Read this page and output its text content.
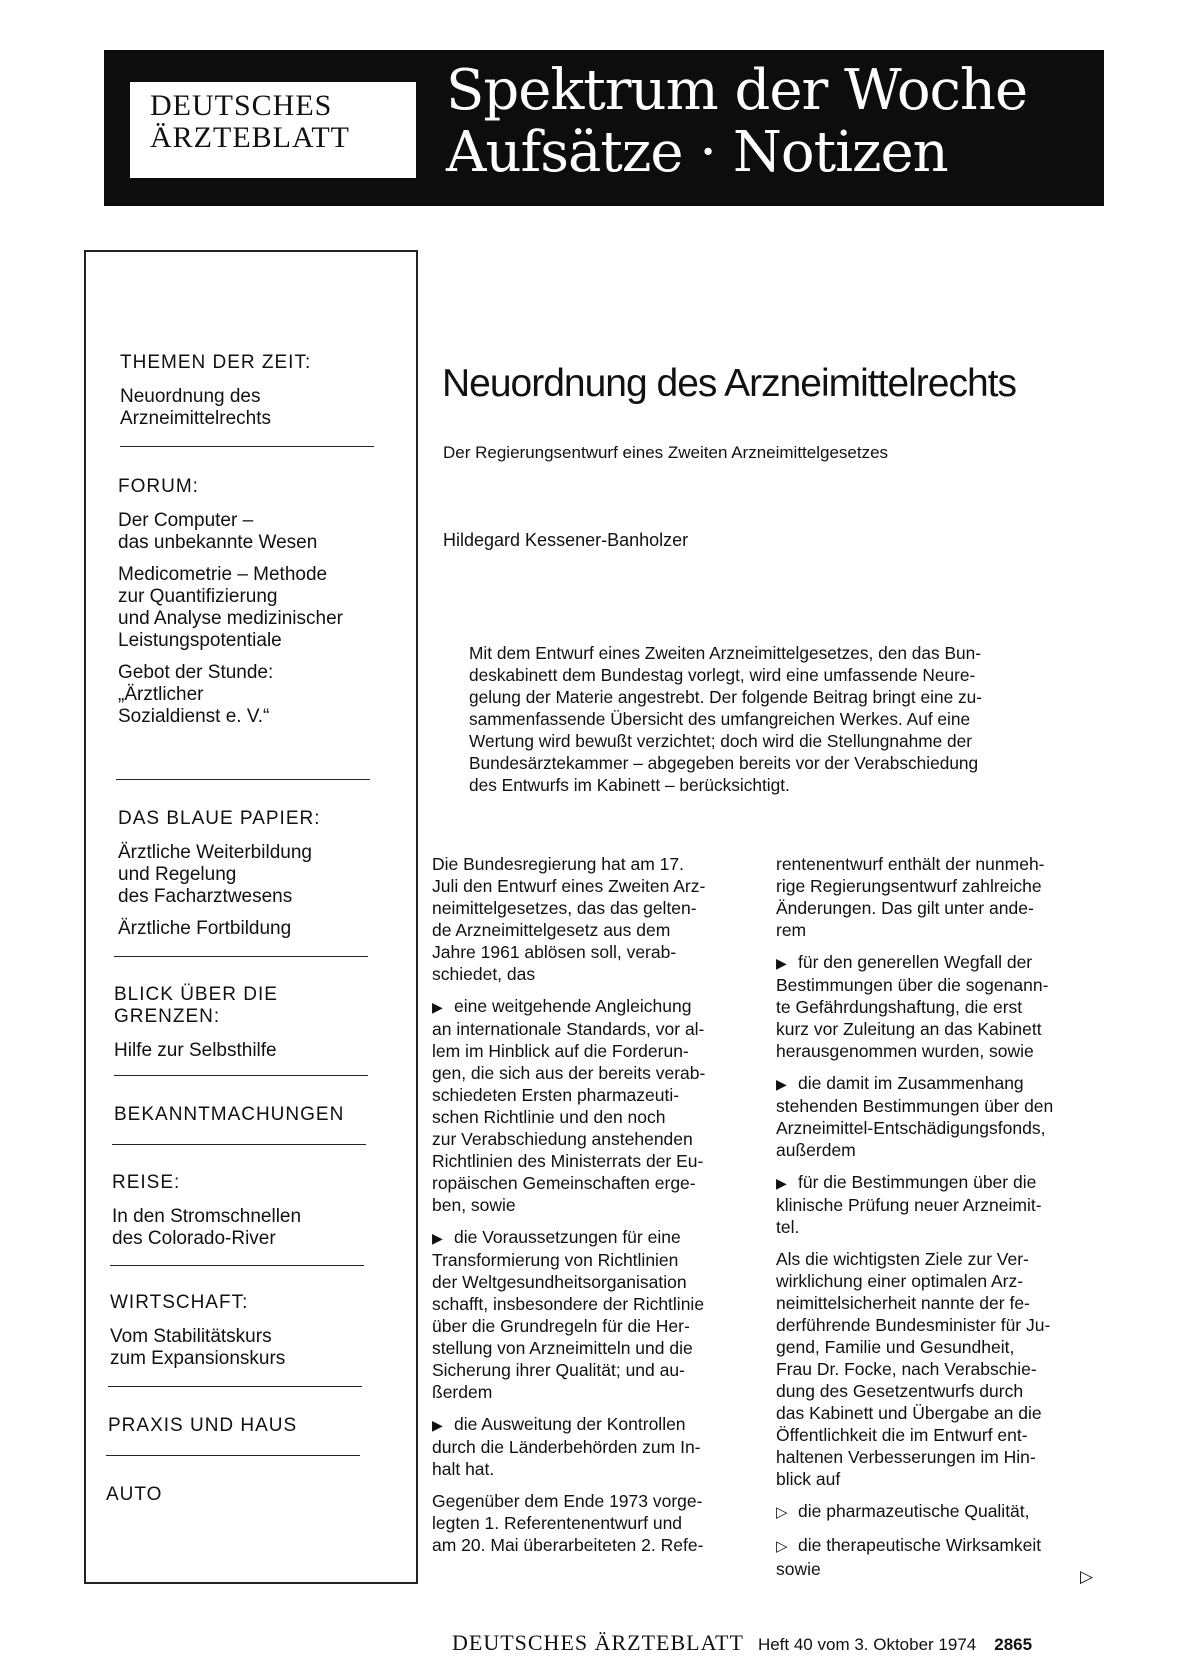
DEUTSCHES
ÄRZTEBLATT
Spektrum der Woche
Aufsätze · Notizen
THEMEN DER ZEIT:
Neuordnung des
Arzneimittelrechts
FORUM:
Der Computer –
das unbekannte Wesen
Medicometrie – Methode
zur Quantifizierung
und Analyse medizinischer
Leistungspotentiale
Gebot der Stunde:
„Ärztlicher
Sozialdienst e. V.“
DAS BLAUE PAPIER:
Ärztliche Weiterbildung
und Regelung
des Facharztwesens
Ärztliche Fortbildung
BLICK ÜBER DIE
GRENZEN:
Hilfe zur Selbsthilfe
BEKANNTMACHUNGEN
REISE:
In den Stromschnellen
des Colorado-River
WIRTSCHAFT:
Vom Stabilitätskurs
zum Expansionskurs
PRAXIS UND HAUS
AUTO
Neuordnung des Arzneimittelrechts
Der Regierungsentwurf eines Zweiten Arzneimittelgesetzes
Hildegard Kessener-Banholzer
Mit dem Entwurf eines Zweiten Arzneimittelgesetzes, den das Bun-
deskabinett dem Bundestag vorlegt, wird eine umfassende Neure-
gelung der Materie angestrebt. Der folgende Beitrag bringt eine zu-
sammenfassende Übersicht des umfangreichen Werkes. Auf eine
Wertung wird bewußt verzichtet; doch wird die Stellungnahme der
Bundesärztekammer – abgegeben bereits vor der Verabschiedung
des Entwurfs im Kabinett – berücksichtigt.
Die Bundesregierung hat am 17.
Juli den Entwurf eines Zweiten Arz-
neimittelgesetzes, das das gelten-
de Arzneimittelgesetz aus dem
Jahre 1961 ablösen soll, verab-
schiedet, das
▶ eine weitgehende Angleichung
an internationale Standards, vor al-
lem im Hinblick auf die Forderun-
gen, die sich aus der bereits verab-
schiedeten Ersten pharmazeuti-
schen Richtlinie und den noch
zur Verabschiedung anstehenden
Richtlinien des Ministerrats der Eu-
ropäischen Gemeinschaften erge-
ben, sowie
▶ die Voraussetzungen für eine
Transformierung von Richtlinien
der Weltgesundheitsorganisation
schafft, insbesondere der Richtlinie
über die Grundregeln für die Her-
stellung von Arzneimitteln und die
Sicherung ihrer Qualität; und au-
ßerdem
▶ die Ausweitung der Kontrollen
durch die Länderbehörden zum In-
halt hat.
Gegenüber dem Ende 1973 vorge-
legten 1. Referentenentwurf und
am 20. Mai überarbeiteten 2. Refe-
rentenentwurf enthält der nunmeh-
rige Regierungsentwurf zahlreiche
Änderungen. Das gilt unter ande-
rem
▶ für den generellen Wegfall der
Bestimmungen über die sogenann-
te Gefährdungshaftung, die erst
kurz vor Zuleitung an das Kabinett
herausgenommen wurden, sowie
▶ die damit im Zusammenhang
stehenden Bestimmungen über den
Arzneimittel-Entschädigungsfonds,
außerdem
▶ für die Bestimmungen über die
klinische Prüfung neuer Arzneimit-
tel.
Als die wichtigsten Ziele zur Ver-
wirklichung einer optimalen Arz-
neimittelsicherheit nannte der fe-
derführende Bundesminister für Ju-
gend, Familie und Gesundheit,
Frau Dr. Focke, nach Verabschie-
dung des Gesetzentwurfs durch
das Kabinett und Übergabe an die
Öffentlichkeit die im Entwurf ent-
haltenen Verbesserungen im Hin-
blick auf
▷ die pharmazeutische Qualität,
▷ die therapeutische Wirksamkeit
sowie	▷
DEUTSCHES ÄRZTEBLATT Heft 40 vom 3. Oktober 1974 2865
